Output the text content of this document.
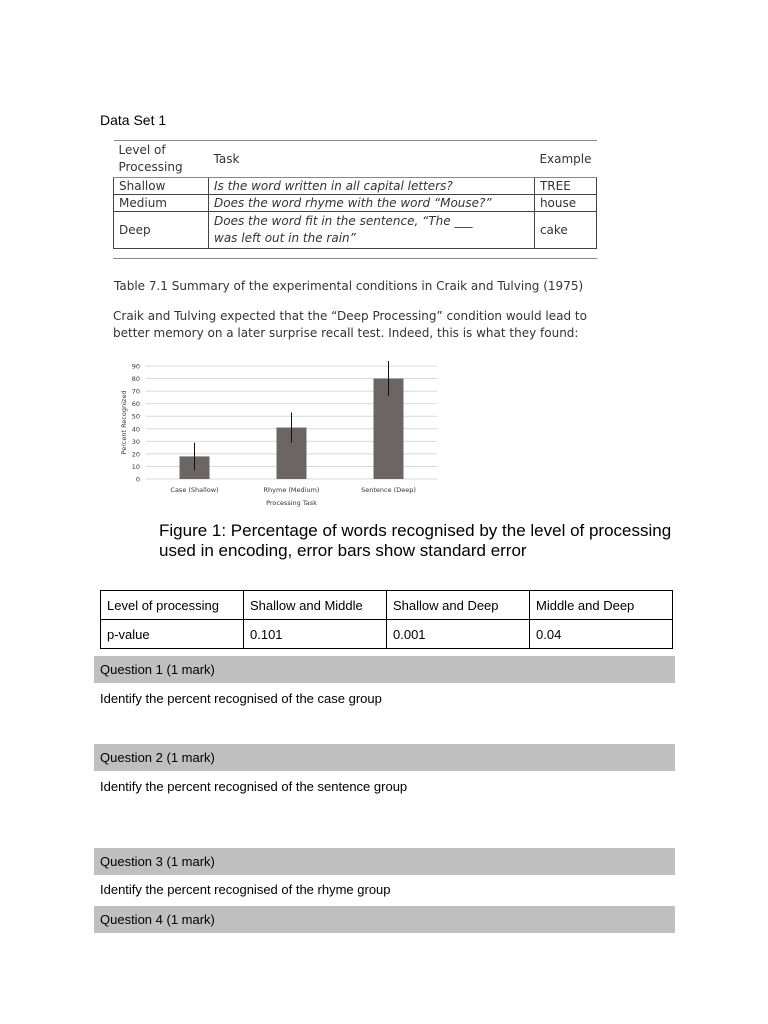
Data Set 1
Level of
Processing	Task	Example
Shallow	Is the word written in all capital letters?	TREE
Medium	Does the word rhyme with the word “Mouse?”	house
Deep	Does the word fit in the sentence, “The ___ was left out in the rain”	cake
Table 7.1 Summary of the experimental conditions in Craik and Tulving (1975)
Craik and Tulving expected that the “Deep Processing” condition would lead to better memory on a later surprise recall test. Indeed, this is what they found:
0
10
20
30
40
50
60
70
80
90
Case (Shallow)	Rhyme (Medium)	Sentence (Deep)
Processing Task
Percent Recognized
Figure 1: Percentage of words recognised by the level of processing used in encoding, error bars show standard error
Level of processing	Shallow and Middle	Shallow and Deep	Middle and Deep
p-value	0.101	0.001	0.04
Question 1 (1 mark)
Identify the percent recognised of the case group
Question 2 (1 mark)
Identify the percent recognised of the sentence group
Question 3 (1 mark)
Identify the percent recognised of the rhyme group
Question 4 (1 mark)
